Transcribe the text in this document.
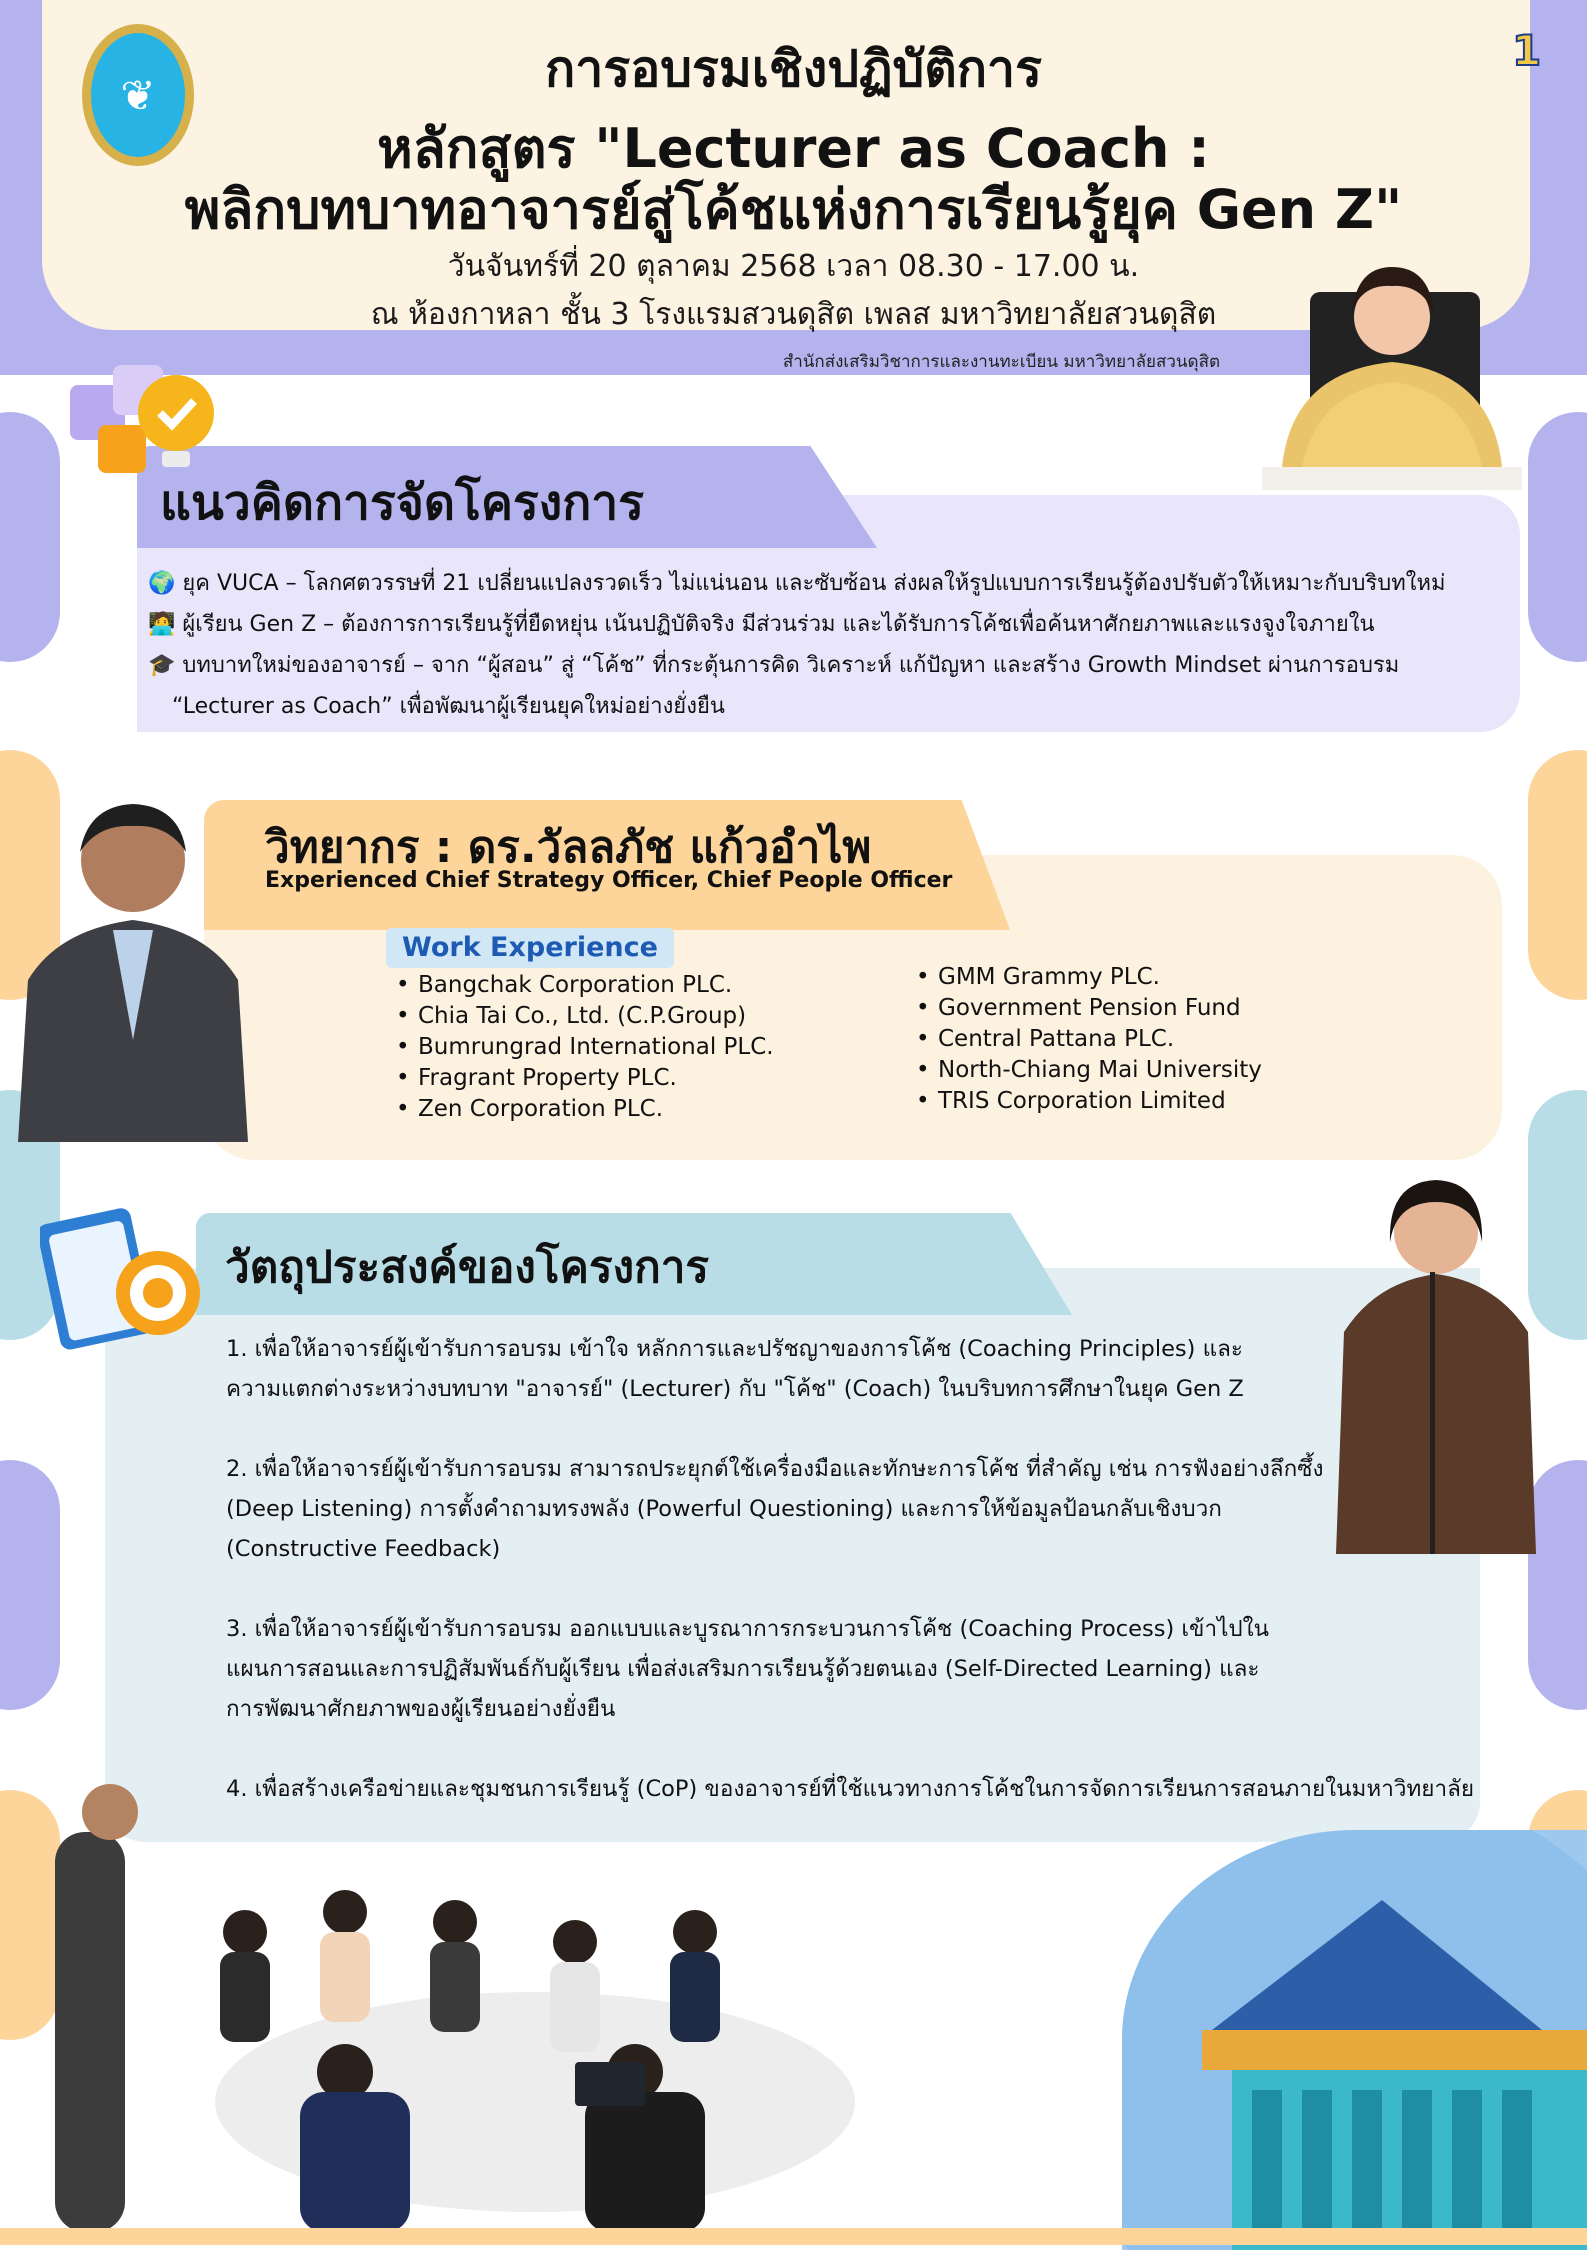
❦	การอบรมเชิงปฏิบัติการ
หลักสูตร "Lecturer as Coach :
พลิกบทบาทอาจารย์สู่โค้ชแห่งการเรียนรู้ยุค Gen Z"
วันจันทร์ที่ 20 ตุลาคม 2568 เวลา 08.30 - 17.00 น.
ณ ห้องกาหลา ชั้น 3 โรงแรมสวนดุสิต เพลส มหาวิทยาลัยสวนดุสิต
สำนักส่งเสริมวิชาการและงานทะเบียน มหาวิทยาลัยสวนดุสิต
1
แนวคิดการจัดโครงการ
🌍 ยุค VUCA – โลกศตวรรษที่ 21 เปลี่ยนแปลงรวดเร็ว ไม่แน่นอน และซับซ้อน ส่งผลให้รูปแบบการเรียนรู้ต้องปรับตัวให้เหมาะกับบริบทใหม่
🧑‍💻 ผู้เรียน Gen Z – ต้องการการเรียนรู้ที่ยืดหยุ่น เน้นปฏิบัติจริง มีส่วนร่วม และได้รับการโค้ชเพื่อค้นหาศักยภาพและแรงจูงใจภายใน
🎓 บทบาทใหม่ของอาจารย์ – จาก “ผู้สอน” สู่ “โค้ช” ที่กระตุ้นการคิด วิเคราะห์ แก้ปัญหา และสร้าง Growth Mindset ผ่านการอบรม
“Lecturer as Coach” เพื่อพัฒนาผู้เรียนยุคใหม่อย่างยั่งยืน
วิทยากร : ดร.วัลลภัช แก้วอำไพ
Experienced Chief Strategy Officer, Chief People Officer
Work Experience
• Bangchak Corporation PLC.
• Chia Tai Co., Ltd. (C.P.Group)
• Bumrungrad International PLC.
• Fragrant Property PLC.
• Zen Corporation PLC.
• GMM Grammy PLC.
• Government Pension Fund
• Central Pattana PLC.
• North-Chiang Mai University
• TRIS Corporation Limited
วัตถุประสงค์ของโครงการ
1. เพื่อให้อาจารย์ผู้เข้ารับการอบรม เข้าใจ หลักการและปรัชญาของการโค้ช (Coaching Principles) และ
ความแตกต่างระหว่างบทบาท "อาจารย์" (Lecturer) กับ "โค้ช" (Coach) ในบริบทการศึกษาในยุค Gen Z
2. เพื่อให้อาจารย์ผู้เข้ารับการอบรม สามารถประยุกต์ใช้เครื่องมือและทักษะการโค้ช ที่สำคัญ เช่น การฟังอย่างลึกซึ้ง
(Deep Listening) การตั้งคำถามทรงพลัง (Powerful Questioning) และการให้ข้อมูลป้อนกลับเชิงบวก
(Constructive Feedback)
3. เพื่อให้อาจารย์ผู้เข้ารับการอบรม ออกแบบและบูรณาการกระบวนการโค้ช (Coaching Process) เข้าไปใน
แผนการสอนและการปฏิสัมพันธ์กับผู้เรียน เพื่อส่งเสริมการเรียนรู้ด้วยตนเอง (Self-Directed Learning) และ
การพัฒนาศักยภาพของผู้เรียนอย่างยั่งยืน
4. เพื่อสร้างเครือข่ายและชุมชนการเรียนรู้ (CoP) ของอาจารย์ที่ใช้แนวทางการโค้ชในการจัดการเรียนการสอนภายในมหาวิทยาลัย
